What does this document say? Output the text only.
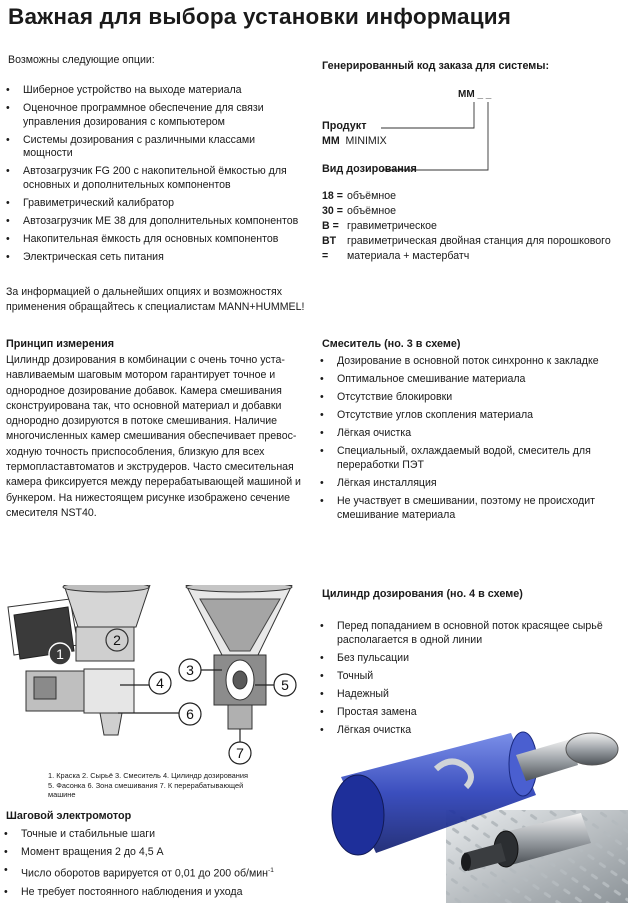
Важная для выбора установки информация
Возможны следующие опции:
• Шиберное устройство на выходе материала
• Оценочное программное обеспечение для связи управления дозирования с компьютером
• Системы дозирования с различными классами мощности
• Автозагрузчик FG 200 с накопительной ёмкостью для основных и дополнительных компонентов
• Гравиметрический калибратор
• Автозагрузчик ME 38 для дополнительных компонентов
• Накопительная ёмкость для основных компонентов
• Электрическая сеть питания
За информацией о дальнейших опциях и возможностях применения обращайтесь к специалистам MANN+HUMMEL!
Генерированный код заказа для системы:
MM _ _
Продукт
MM MINIMIX
Вид дозирования
18 = объёмное
30 = объёмное
B = гравиметрическое
BT =
гравиметрическая двойная станция для порошкового материала + мастербатч
Принцип измерения
Цилиндр дозирования в комбинации с очень точно уста- навливаемым шаговым мотором гарантирует точное и однородное дозирование добавок. Камера смешивания сконструирована так, что основной материал и добавки однородно дозируются в потоке смешивания. Наличие многочисленных камер смешивания обеспечивает превос- ходную точность приспособления, близкую для всех термопластавтоматов и экструдеров. Часто смесительная камера фиксируется между перерабатывающей машиной и бункером. На нижестоящем рисунке изображено сечение смесителя NST40.
Смеситель (но. 3 в схеме)
• Дозирование в основной поток синхронно к закладке
• Оптимальное смешивание материала
• Отсутствие блокировки
• Отсутствие углов скопления материала
• Лёгкая очистка
• Специальный, охлаждаемый водой, смеситель для переработки ПЭТ
• Лёгкая инсталляция
• Не участвует в смешивании, поэтому не происходит смешивание материала
1
2
3
4	5
6
7
1. Краска 2. Сырьё 3. Смеситель 4. Цилиндр дозирования
5. Фасонка 6. Зона смешивания 7. К перерабатывающей
машине
Цилиндр дозирования (но. 4 в схеме)
• Перед попаданием в основной поток красящее сырьё располагается в одной линии
• Без пульсации
• Точный
• Надежный
• Простая замена
• Лёгкая очистка
Шаговой электромотор
• Точные и стабильные шаги
• Момент вращения 2 до 4,5 А
• Число оборотов варируется от 0,01 до 200 об/мин$^{-1}$
• Не требует постоянного наблюдения и ухода
